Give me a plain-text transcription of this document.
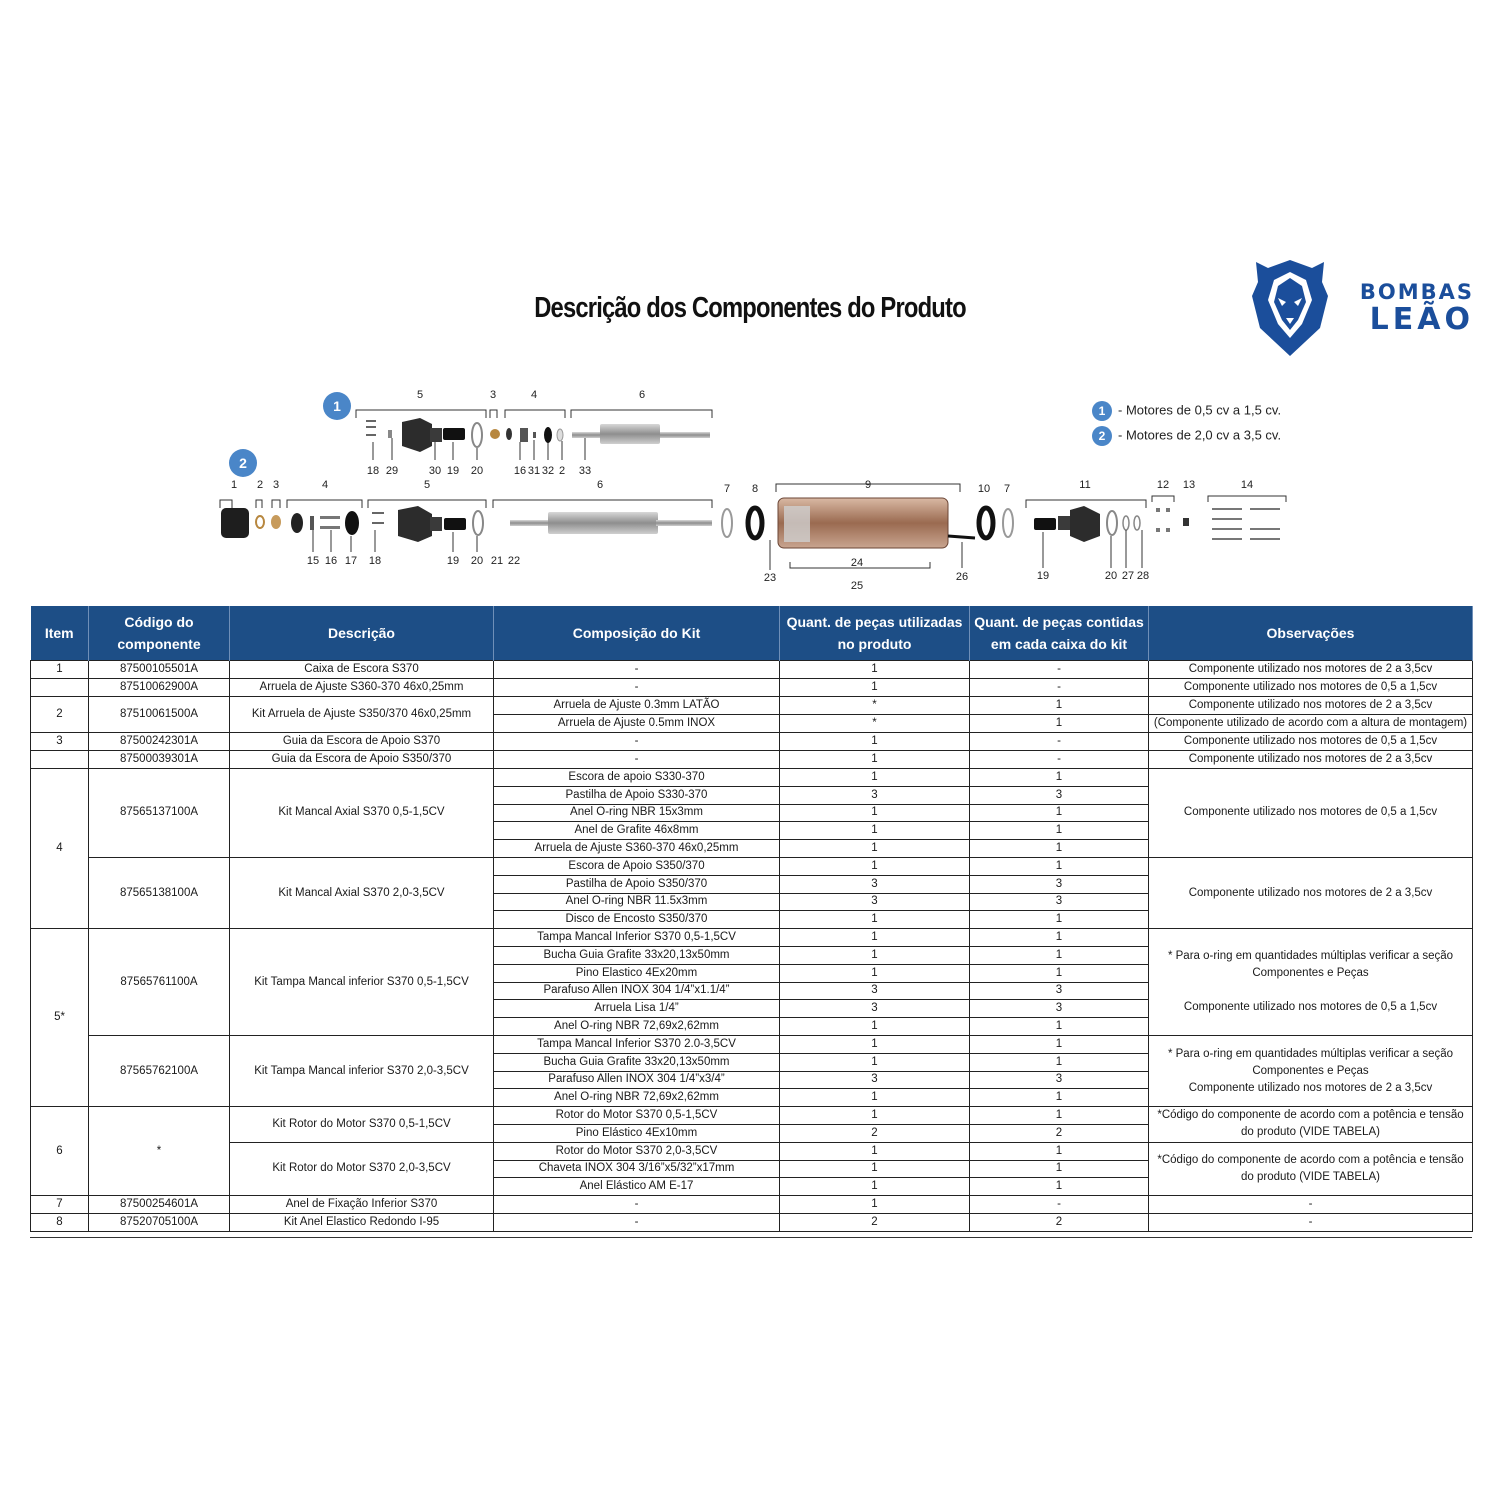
Descrição dos Componentes do Produto	BOMBAS
LEÃO
5	3	4	6
18 29	30 19 20	16 31 32 2 33
1 2 3	4	5	6	7 8	9	10 7	11	12 13	14
15 16 17 18	19 20 21 22	24
23
25
26	19	20 27 28
1
2
1 - Motores de 0,5 cv a 1,5 cv.
2 - Motores de 2,0 cv a 3,5 cv.
Item	Código do componente	Descrição	Composição do Kit	Quant. de peças utilizadas no produto	Quant. de peças contidas em cada caixa do kit	Observações
1	87500105501A	Caixa de Escora S370	-	1	-	Componente utilizado nos motores de 2 a 3,5cv
	87510062900A	Arruela de Ajuste S360-370 46x0,25mm	-	1	-	Componente utilizado nos motores de 0,5 a 1,5cv
2	87510061500A	Kit Arruela de Ajuste S350/370 46x0,25mm	Arruela de Ajuste 0.3mm LATÃO	*	1	Componente utilizado nos motores de 2 a 3,5cv
			Arruela de Ajuste 0.5mm INOX	*	1	(Componente utilizado de acordo com a altura de montagem)
3	87500242301A	Guia da Escora de Apoio S370	-	1	-	Componente utilizado nos motores de 0,5 a 1,5cv
	87500039301A	Guia da Escora de Apoio S350/370	-	1	-	Componente utilizado nos motores de 2 a 3,5cv
4	87565137100A	Kit Mancal Axial S370 0,5-1,5CV	Escora de apoio S330-370	1	1	Componente utilizado nos motores de 0,5 a 1,5cv
			Pastilha de Apoio S330-370	3	3	
			Anel O-ring NBR 15x3mm	1	1	
			Anel de Grafite 46x8mm	1	1	
			Arruela de Ajuste S360-370 46x0,25mm	1	1	
	87565138100A	Kit Mancal Axial S370 2,0-3,5CV	Escora de Apoio S350/370	1	1	Componente utilizado nos motores de 2 a 3,5cv
			Pastilha de Apoio S350/370	3	3	
			Anel O-ring NBR 11.5x3mm	3	3	
			Disco de Encosto S350/370	1	1	
5*	87565761100A	Kit Tampa Mancal inferior S370 0,5-1,5CV	Tampa Mancal Inferior S370 0,5-1,5CV	1	1	* Para o-ring em quantidades múltiplas verificar a seção Componentes e Peças

Componente utilizado nos motores de 0,5 a 1,5cv
			Bucha Guia Grafite 33x20,13x50mm	1	1	
			Pino Elastico 4Ex20mm	1	1	
			Parafuso Allen INOX 304 1/4”x1.1/4”	3	3	
			Arruela Lisa 1/4”	3	3	
			Anel O-ring NBR 72,69x2,62mm	1	1	
	87565762100A	Kit Tampa Mancal inferior S370 2,0-3,5CV	Tampa Mancal Inferior S370 2.0-3,5CV	1	1	* Para o-ring em quantidades múltiplas verificar a seção Componentes e Peças
Componente utilizado nos motores de 2 a 3,5cv
			Bucha Guia Grafite 33x20,13x50mm	1	1	
			Parafuso Allen INOX 304 1/4”x3/4”	3	3	
			Anel O-ring NBR 72,69x2,62mm	1	1	
6	*	Kit Rotor do Motor S370 0,5-1,5CV	Rotor do Motor S370 0,5-1,5CV	1	1	*Código do componente de acordo com a potência e tensão do produto (VIDE TABELA)
			Pino Elástico 4Ex10mm	2	2	
		Kit Rotor do Motor S370 2,0-3,5CV	Rotor do Motor S370 2,0-3,5CV	1	1	*Código do componente de acordo com a potência e tensão do produto (VIDE TABELA)
			Chaveta INOX 304 3/16”x5/32”x17mm	1	1	
			Anel Elástico AM E-17	1	1	
7	87500254601A	Anel de Fixação Inferior S370	-	1	-	-
8	87520705100A	Kit Anel Elastico Redondo I-95	-	2	2	-
